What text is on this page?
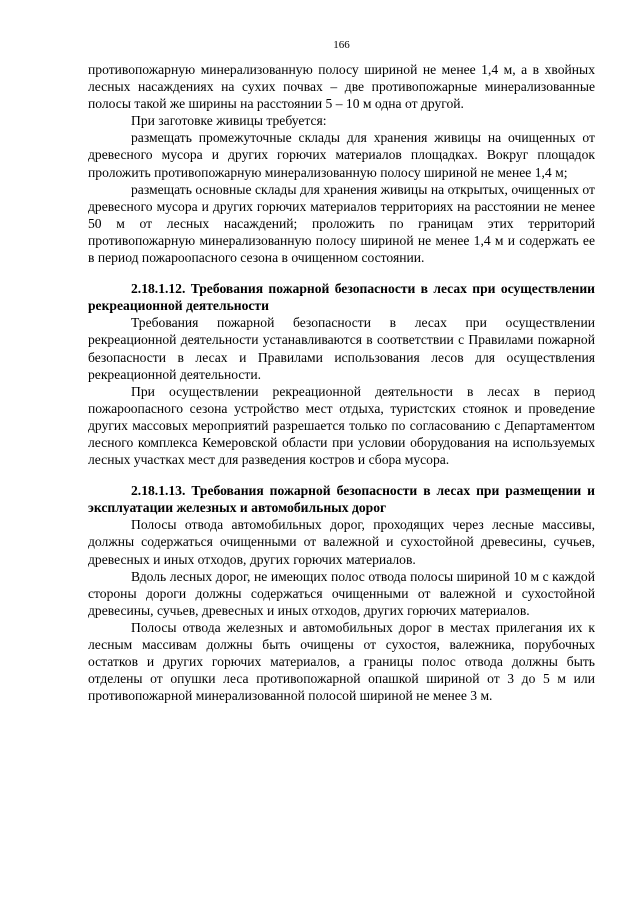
166

противопожарную минерализованную полосу шириной не менее 1,4 м, а в хвойных лесных насаждениях на сухих почвах – две противопожарные минерализованные полосы такой же ширины на расстоянии 5 – 10 м одна от другой.

При заготовке живицы требуется:

размещать промежуточные склады для хранения живицы на очищенных от древесного мусора и других горючих материалов площадках. Вокруг площадок проложить противопожарную минерализованную полосу шириной не менее 1,4 м;

размещать основные склады для хранения живицы на открытых, очищенных от древесного мусора и других горючих материалов территориях на расстоянии не менее 50 м от лесных насаждений; проложить по границам этих территорий противопожарную минерализованную полосу шириной не менее 1,4 м и содержать ее в период пожароопасного сезона в очищенном состоянии.

2.18.1.12. Требования пожарной безопасности в лесах при осуществлении рекреационной деятельности

Требования пожарной безопасности в лесах при осуществлении рекреационной деятельности устанавливаются в соответствии с Правилами пожарной безопасности в лесах и Правилами использования лесов для осуществления рекреационной деятельности.

При осуществлении рекреационной деятельности в лесах в период пожароопасного сезона устройство мест отдыха, туристских стоянок и проведение других массовых мероприятий разрешается только по согласованию с Департаментом лесного комплекса Кемеровской области при условии оборудования на используемых лесных участках мест для разведения костров и сбора мусора.

2.18.1.13. Требования пожарной безопасности в лесах при размещении и эксплуатации железных и автомобильных дорог

Полосы отвода автомобильных дорог, проходящих через лесные массивы, должны содержаться очищенными от валежной и сухостойной древесины, сучьев, древесных и иных отходов, других горючих материалов.

Вдоль лесных дорог, не имеющих полос отвода полосы шириной 10 м с каждой стороны дороги должны содержаться очищенными от валежной и сухостойной древесины, сучьев, древесных и иных отходов, других горючих материалов.

Полосы отвода железных и автомобильных дорог в местах прилегания их к лесным массивам должны быть очищены от сухостоя, валежника, порубочных остатков и других горючих материалов, а границы полос отвода должны быть отделены от опушки леса противопожарной опашкой шириной от 3 до 5 м или противопожарной минерализованной полосой шириной не менее 3 м.
